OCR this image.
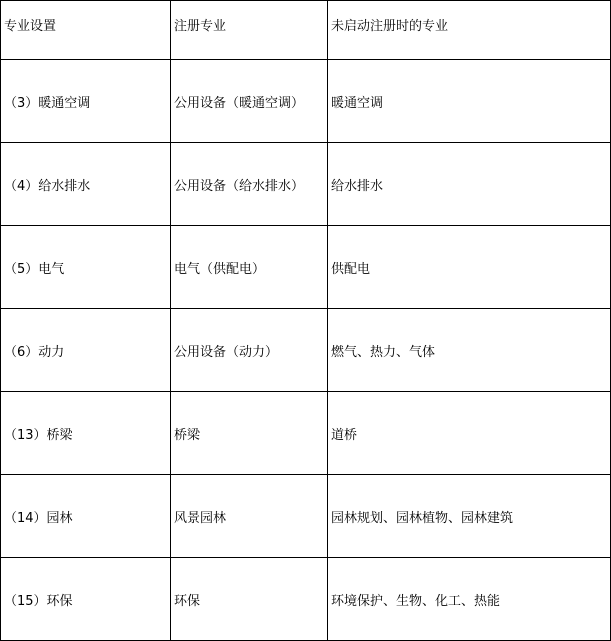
专业设置	注册专业	未启动注册时的专业
（3）暖通空调	公用设备（暖通空调）	暖通空调
（4）给水排水	公用设备（给水排水）	给水排水
（5）电气	电气（供配电）	供配电
（6）动力	公用设备（动力）	燃气、热力、气体
（13）桥梁	桥梁	道桥
（14）园林	风景园林	园林规划、园林植物、园林建筑
（15）环保	环保	环境保护、生物、化工、热能
